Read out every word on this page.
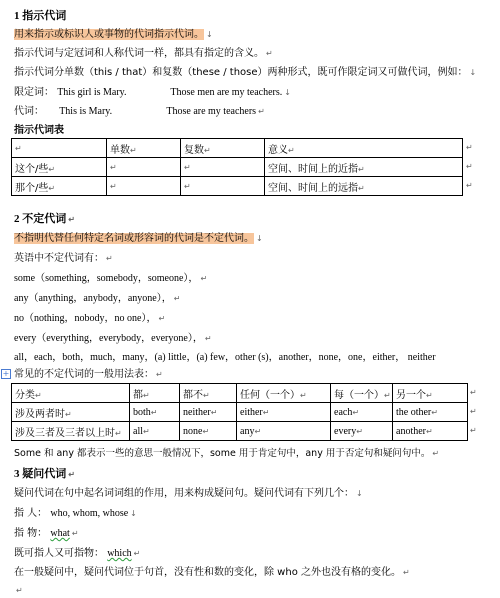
1 指示代词
用来指示或标识人或事物的代词指示代词。 ↓
指示代词与定冠词和人称代词一样，都具有指定的含义。 ↵
指示代词分单数（this / that）和复数（these / those）两种形式，既可作限定词又可做代词，例如： ↓
限定词： This girl is Mary.	Those men are my teachers. ↓
代词： This is Mary.	Those are my teachers ↵
指示代词表
↵	单数↵	复数↵	意义↵
这个/些↵	↵	↵	空间、时间上的近指↵
那个/些↵	↵	↵	空间、时间上的远指↵
↵
↵
↵
2 不定代词 ↵
不指明代替任何特定名词或形容词的代词是不定代词。 ↓
英语中不定代词有： ↵
some（something，somebody，someone）， ↵
any（anything，anybody，anyone）， ↵
no（nothing，nobody，no one）， ↵
every（everything，everybody，everyone）， ↵
all，each，both，much，many，(a) little，(a) few，other (s)，another，none，one，either， neither
+ 常见的不定代词的一般用法表： ↵
分类↵	都↵	都不↵	任何（一个）↵	每（一个）↵	另一个↵
涉及两者时↵	both↵	neither↵	either↵	each↵	the other↵
涉及三者及三者以上时↵	all↵	none↵	any↵	every↵	another↵
↵
↵
↵
Some 和 any 都表示一些的意思一般情况下，some 用于肯定句中，any 用于否定句和疑问句中。 ↵
3 疑问代词 ↵
疑问代词在句中起名词词组的作用，用来构成疑问句。疑问代词有下列几个： ↓
指 人： who, whom, whose ↓
指 物： what ↵
既可指人又可指物： which ↵
在一般疑问中，疑问代词位于句首，没有性和数的变化，除 who 之外也没有格的变化。 ↵
↵
